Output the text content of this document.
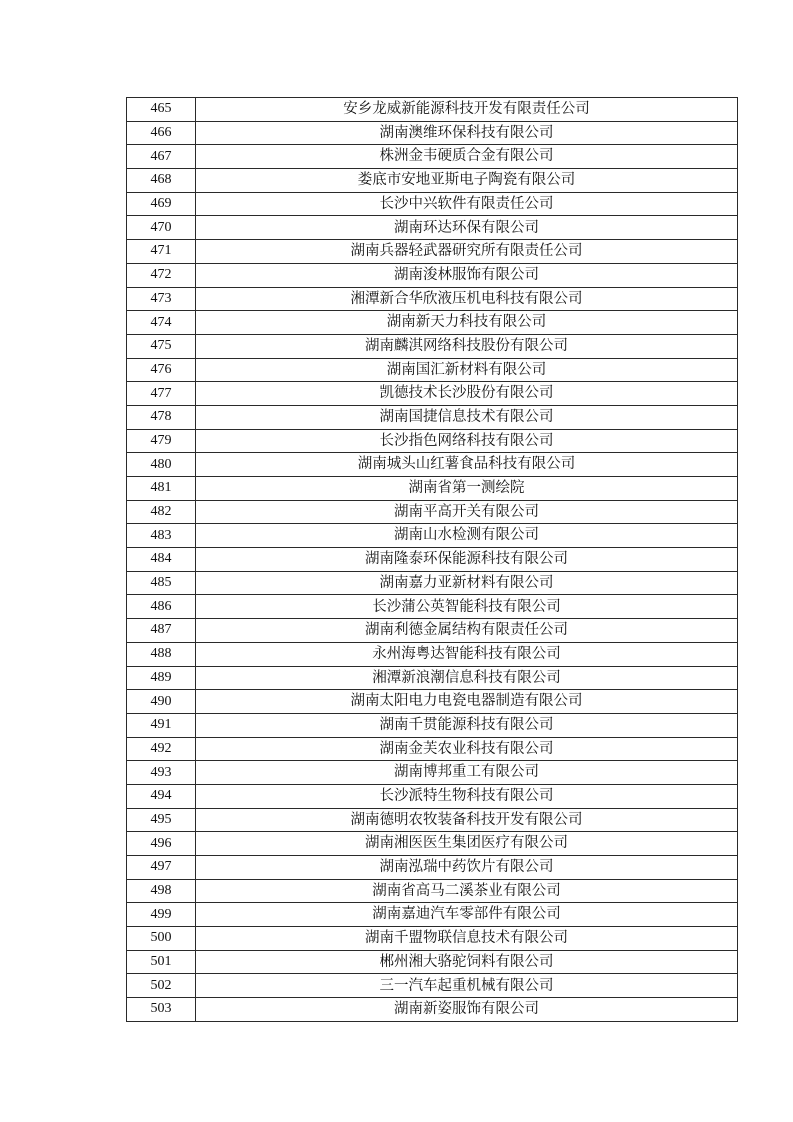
465	安乡龙威新能源科技开发有限责任公司
466	湖南澳维环保科技有限公司
467	株洲金韦硬质合金有限公司
468	娄底市安地亚斯电子陶瓷有限公司
469	长沙中兴软件有限责任公司
470	湖南环达环保有限公司
471	湖南兵器轻武器研究所有限责任公司
472	湖南浚林服饰有限公司
473	湘潭新合华欣液压机电科技有限公司
474	湖南新天力科技有限公司
475	湖南麟淇网络科技股份有限公司
476	湖南国汇新材料有限公司
477	凯德技术长沙股份有限公司
478	湖南国捷信息技术有限公司
479	长沙指色网络科技有限公司
480	湖南城头山红薯食品科技有限公司
481	湖南省第一测绘院
482	湖南平高开关有限公司
483	湖南山水检测有限公司
484	湖南隆泰环保能源科技有限公司
485	湖南嘉力亚新材料有限公司
486	长沙蒲公英智能科技有限公司
487	湖南利德金属结构有限责任公司
488	永州海粤达智能科技有限公司
489	湘潭新浪潮信息科技有限公司
490	湖南太阳电力电瓷电器制造有限公司
491	湖南千贯能源科技有限公司
492	湖南金芙农业科技有限公司
493	湖南博邦重工有限公司
494	长沙派特生物科技有限公司
495	湖南德明农牧装备科技开发有限公司
496	湖南湘医医生集团医疗有限公司
497	湖南泓瑞中药饮片有限公司
498	湖南省高马二溪茶业有限公司
499	湖南嘉迪汽车零部件有限公司
500	湖南千盟物联信息技术有限公司
501	郴州湘大骆驼饲料有限公司
502	三一汽车起重机械有限公司
503	湖南新姿服饰有限公司
